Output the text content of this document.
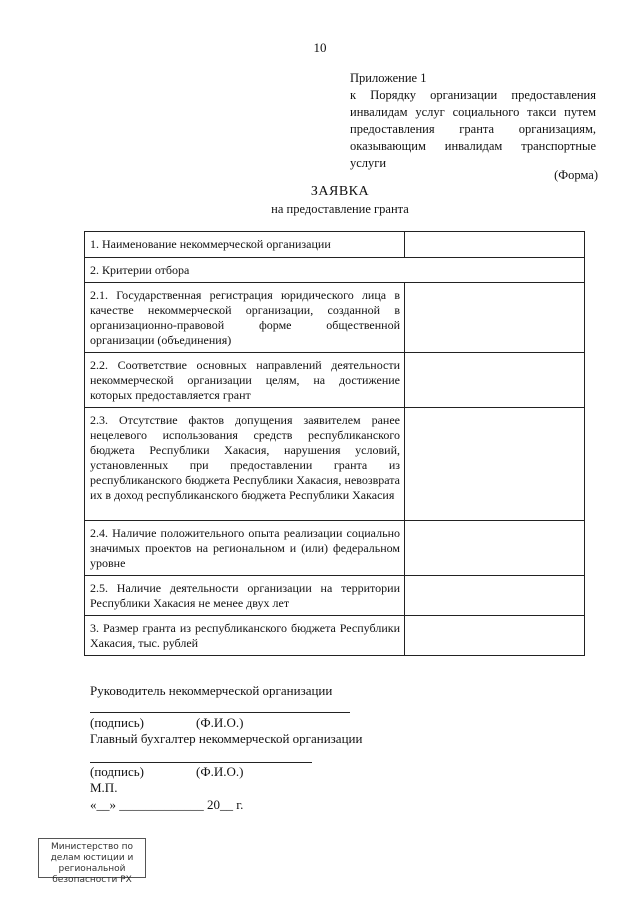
10
Приложение 1
к Порядку организации предоставления инвалидам услуг социального такси путем предоставления гранта организациям, оказывающим инвалидам транспортные услуги
(Форма)
ЗАЯВКА
на предоставление гранта
1. Наименование некоммерческой организации	
2. Критерии отбора	
2.1. Государственная регистрация юридического лица в качестве некоммерческой организации, созданной в организационно-правовой форме общественной организации (объединения)	
2.2. Соответствие основных направлений деятельности некоммерческой организации целям, на достижение которых предоставляется грант	
2.3. Отсутствие фактов допущения заявителем ранее нецелевого использования средств республиканского бюджета Республики Хакасия, нарушения условий, установленных при предоставлении гранта из республиканского бюджета Республики Хакасия, невозврата их в доход республиканского бюджета Республики Хакасия	
2.4. Наличие положительного опыта реализации социально значимых проектов на региональном и (или) федеральном уровне	
2.5. Наличие деятельности организации на территории Республики Хакасия не менее двух лет	
3. Размер гранта из республиканского бюджета Республики Хакасия, тыс. рублей	
Руководитель некоммерческой организации
(подпись)	(Ф.И.О.)
Главный бухгалтер некоммерческой организации
(подпись)	(Ф.И.О.)
М.П.
«__» _____________ 20__ г.
Министерство по делам юстиции и региональной безопасности РХ
